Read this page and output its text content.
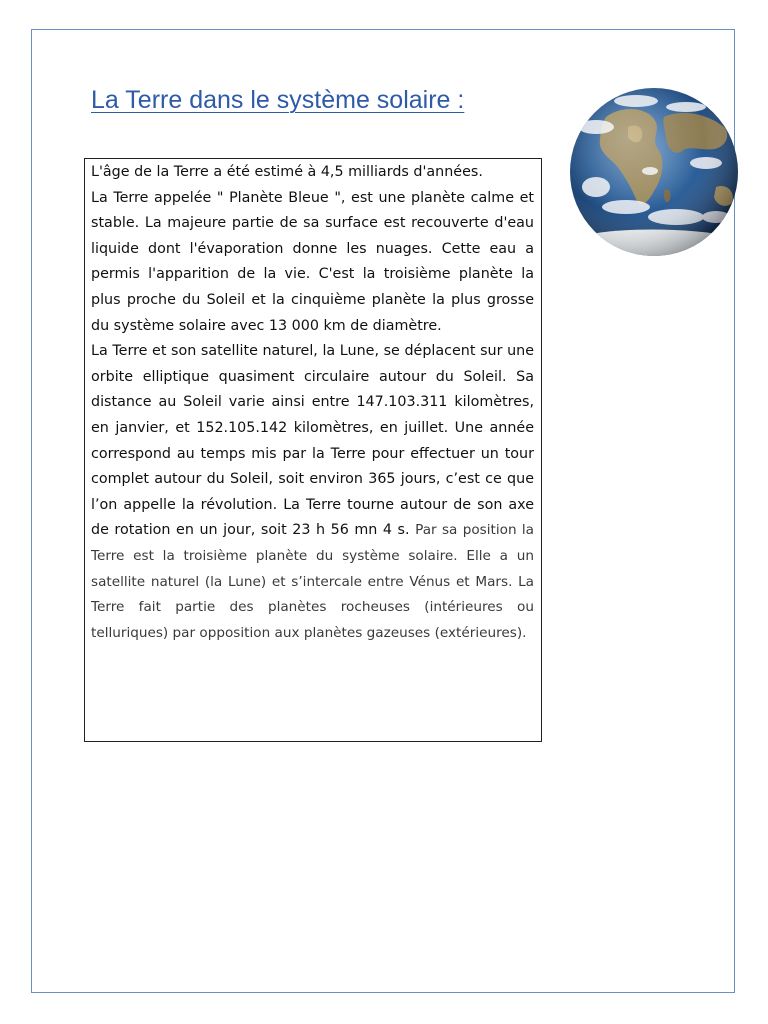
La Terre dans le système solaire :

L'âge de la Terre a été estimé à 4,5 milliards d'années.

La Terre appelée " Planète Bleue ", est une planète calme et stable. La majeure partie de sa surface est recouverte d'eau liquide dont l'évaporation donne les nuages. Cette eau a permis l'apparition de la vie. C'est la troisième planète la plus proche du Soleil et la cinquième planète la plus grosse du système solaire avec 13 000 km de diamètre.

La Terre et son satellite naturel, la Lune, se déplacent sur une orbite elliptique quasiment circulaire autour du Soleil. Sa distance au Soleil varie ainsi entre 147.103.311 kilomètres, en janvier, et 152.105.142 kilomètres, en juillet. Une année correspond au temps mis par la Terre pour effectuer un tour complet autour du Soleil, soit environ 365 jours, c’est ce que l’on appelle la révolution. La Terre tourne autour de son axe de rotation en un jour, soit 23 h 56 mn 4 s. Par sa position la Terre est la troisième planète du système solaire. Elle a un satellite naturel (la Lune) et s’intercale entre Vénus et Mars. La Terre fait partie des planètes rocheuses (intérieures ou telluriques) par opposition aux planètes gazeuses (extérieures).
